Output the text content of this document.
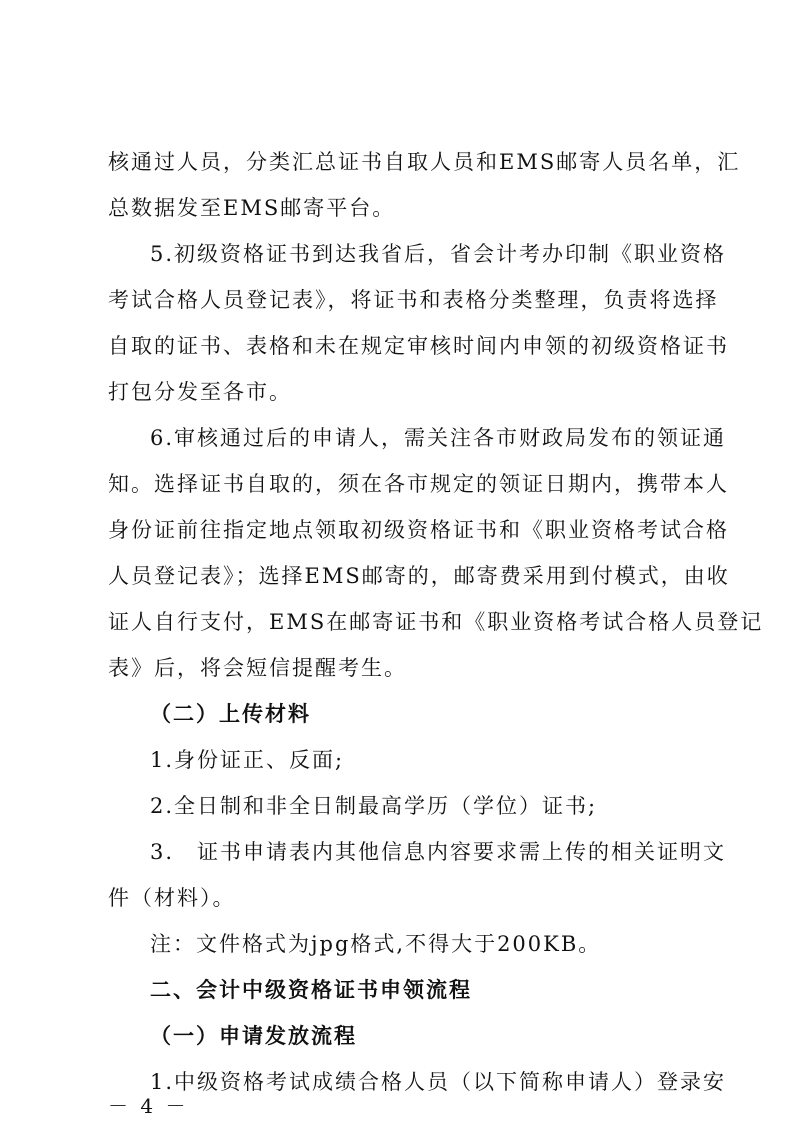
核通过人员，分类汇总证书自取人员和EMS邮寄人员名单，汇
总数据发至EMS邮寄平台。
5.初级资格证书到达我省后，省会计考办印制《职业资格
考试合格人员登记表》，将证书和表格分类整理，负责将选择
自取的证书、表格和未在规定审核时间内申领的初级资格证书
打包分发至各市。
6.审核通过后的申请人，需关注各市财政局发布的领证通
知。选择证书自取的，须在各市规定的领证日期内，携带本人
身份证前往指定地点领取初级资格证书和《职业资格考试合格
人员登记表》；选择EMS邮寄的，邮寄费采用到付模式，由收
证人自行支付，EMS在邮寄证书和《职业资格考试合格人员登记
表》后，将会短信提醒考生。
（二）上传材料
1.身份证正、反面;
2.全日制和非全日制最高学历（学位）证书;
3.　证书申请表内其他信息内容要求需上传的相关证明文
件（材料）。
注：文件格式为jpg格式,不得大于200KB。
二、会计中级资格证书申领流程
（一）申请发放流程
1.中级资格考试成绩合格人员（以下简称申请人）登录安
－ 4 －
